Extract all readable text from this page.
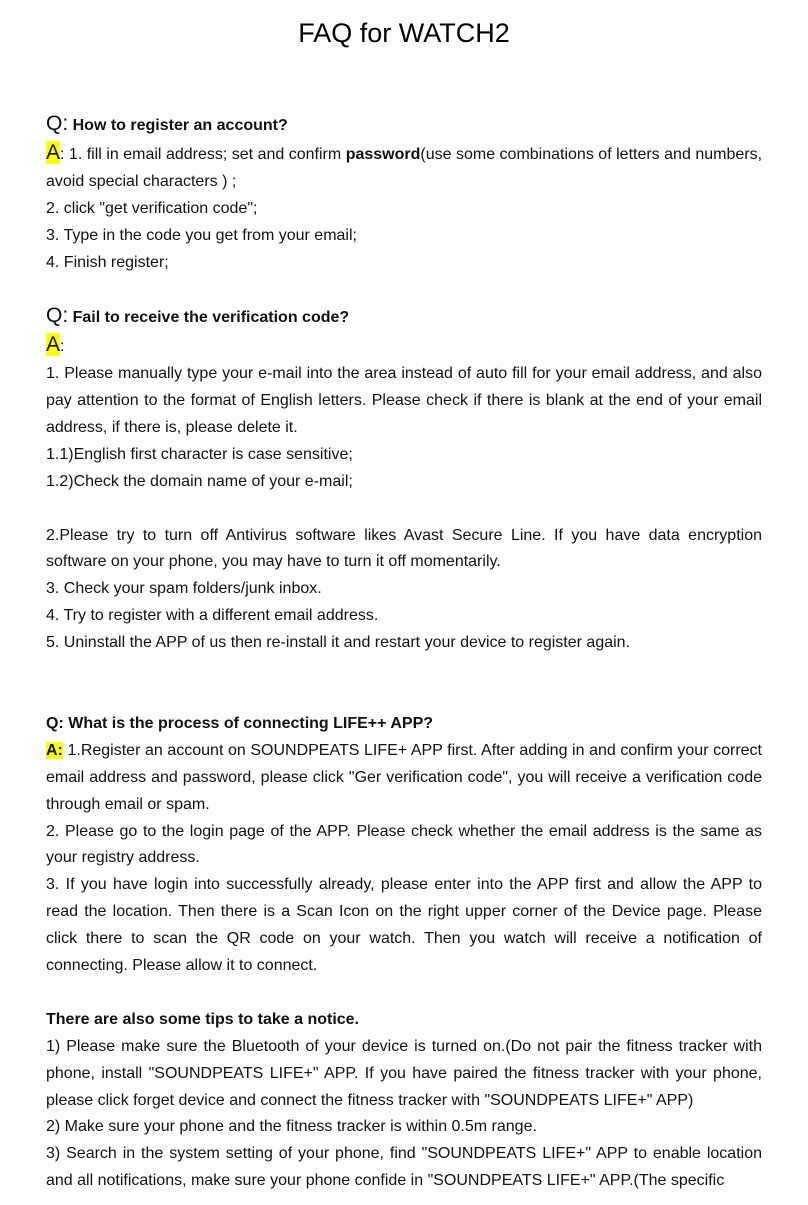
FAQ for WATCH2

Q: How to register an account?

A: 1. fill in email address; set and confirm password(use some combinations of letters and numbers, avoid special characters ) ;

2. click "get verification code";

3. Type in the code you get from your email;

4. Finish register;

Q: Fail to receive the verification code?

A:

1. Please manually type your e-mail into the area instead of auto fill for your email address, and also pay attention to the format of English letters. Please check if there is blank at the end of your email address, if there is, please delete it.

1.1)English first character is case sensitive;

1.2)Check the domain name of your e-mail;

2.Please try to turn off Antivirus software likes Avast Secure Line. If you have data encryption software on your phone, you may have to turn it off momentarily.

3. Check your spam folders/junk inbox.

4. Try to register with a different email address.

5. Uninstall the APP of us then re-install it and restart your device to register again.

Q: What is the process of connecting LIFE++ APP?

A: 1.Register an account on SOUNDPEATS LIFE+ APP first. After adding in and confirm your correct email address and password, please click "Ger verification code", you will receive a verification code through email or spam.

2. Please go to the login page of the APP. Please check whether the email address is the same as your registry address.

3. If you have login into successfully already, please enter into the APP first and allow the APP to read the location. Then there is a Scan Icon on the right upper corner of the Device page. Please click there to scan the QR code on your watch. Then you watch will receive a notification of connecting. Please allow it to connect.

There are also some tips to take a notice.

1) Please make sure the Bluetooth of your device is turned on.(Do not pair the fitness tracker with phone, install "SOUNDPEATS LIFE+" APP. If you have paired the fitness tracker with your phone, please click forget device and connect the fitness tracker with "SOUNDPEATS LIFE+" APP)

2) Make sure your phone and the fitness tracker is within 0.5m range.

3) Search in the system setting of your phone, find "SOUNDPEATS LIFE+" APP to enable location and all notifications, make sure your phone confide in "SOUNDPEATS LIFE+" APP.(The specific
